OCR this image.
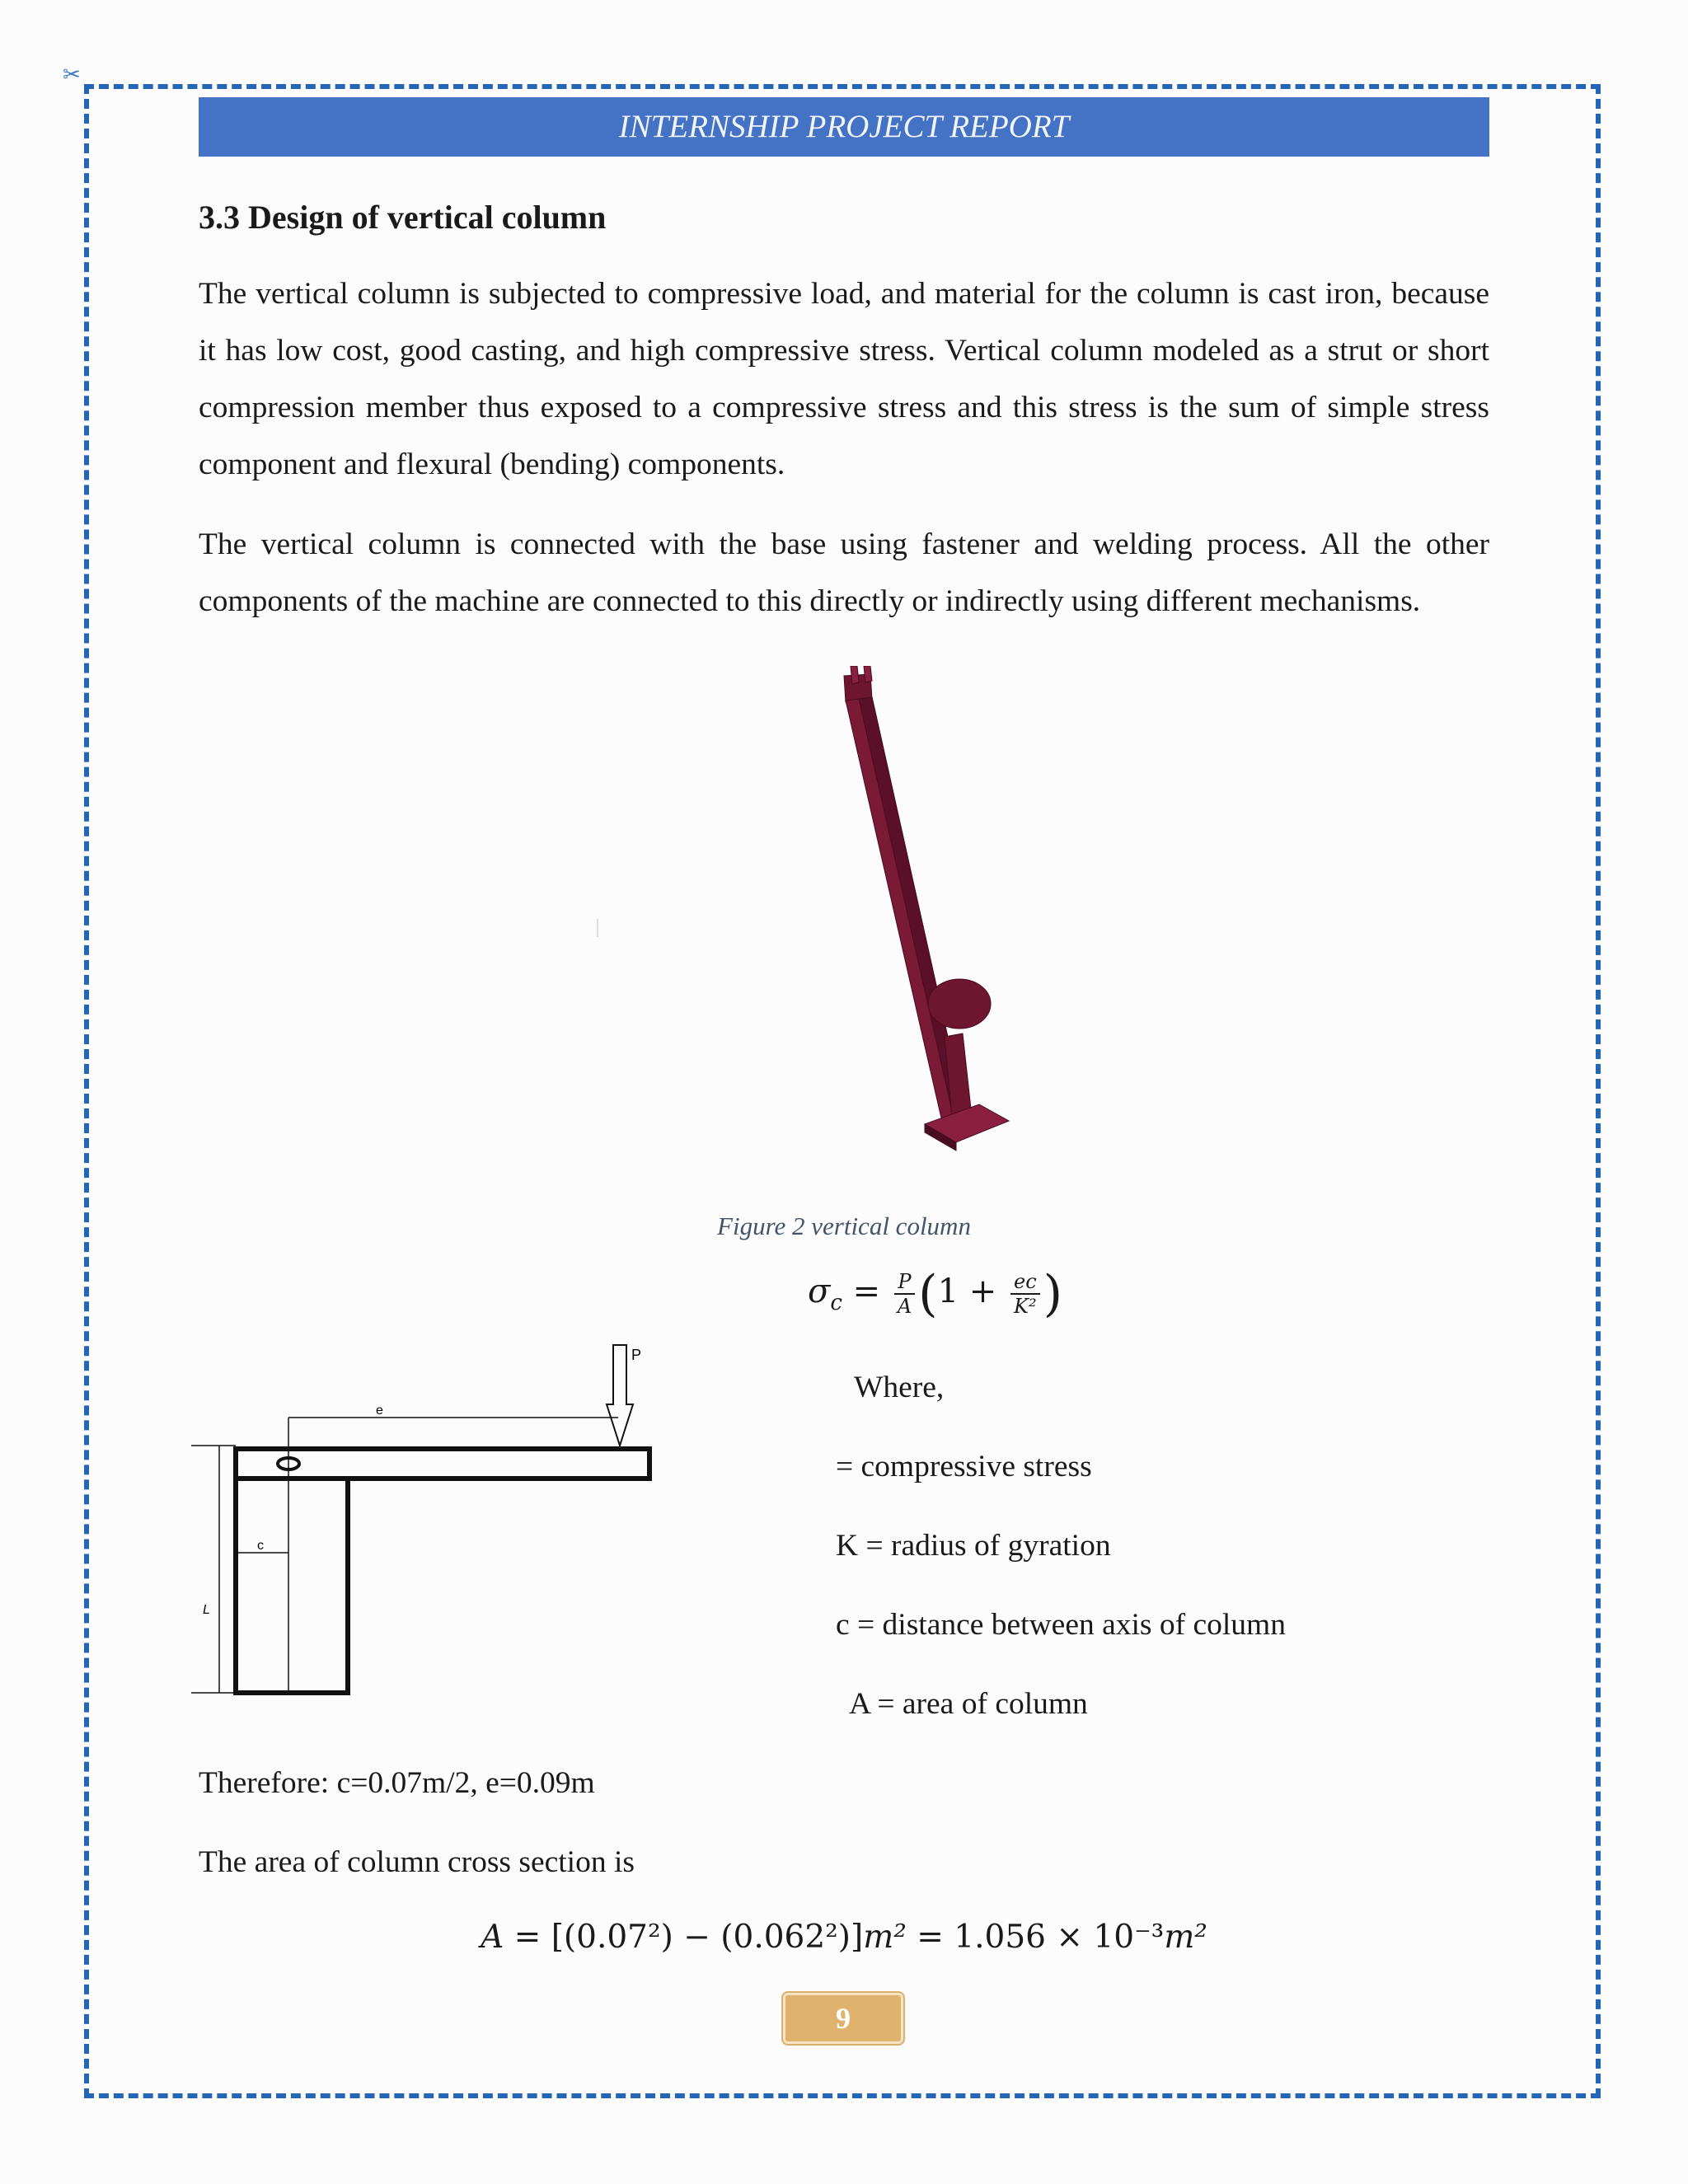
✂
INTERNSHIP PROJECT REPORT
3.3 Design of vertical column

The vertical column is subjected to compressive load, and material for the column is cast iron, because it has low cost, good casting, and high compressive stress. Vertical column modeled as a strut or short compression member thus exposed to a compressive stress and this stress is the sum of simple stress component and flexural (bending) components.

The vertical column is connected with the base using fastener and welding process. All the other components of the machine are connected to this directly or indirectly using different mechanisms.

Figure 2 vertical column
$\sigma_c = \frac{P}{A} (1 + \frac{ec}{\text{K²}}$ )
Where,
= compressive stress
K = radius of gyration
c = distance between axis of column
A = area of column
P
e
c
L
Therefore: c=0.07m/2, e=0.09m
The area of column cross section is
A = [(0.07²) − (0.062²)]m² = 1.056 × 10⁻³m²
9
